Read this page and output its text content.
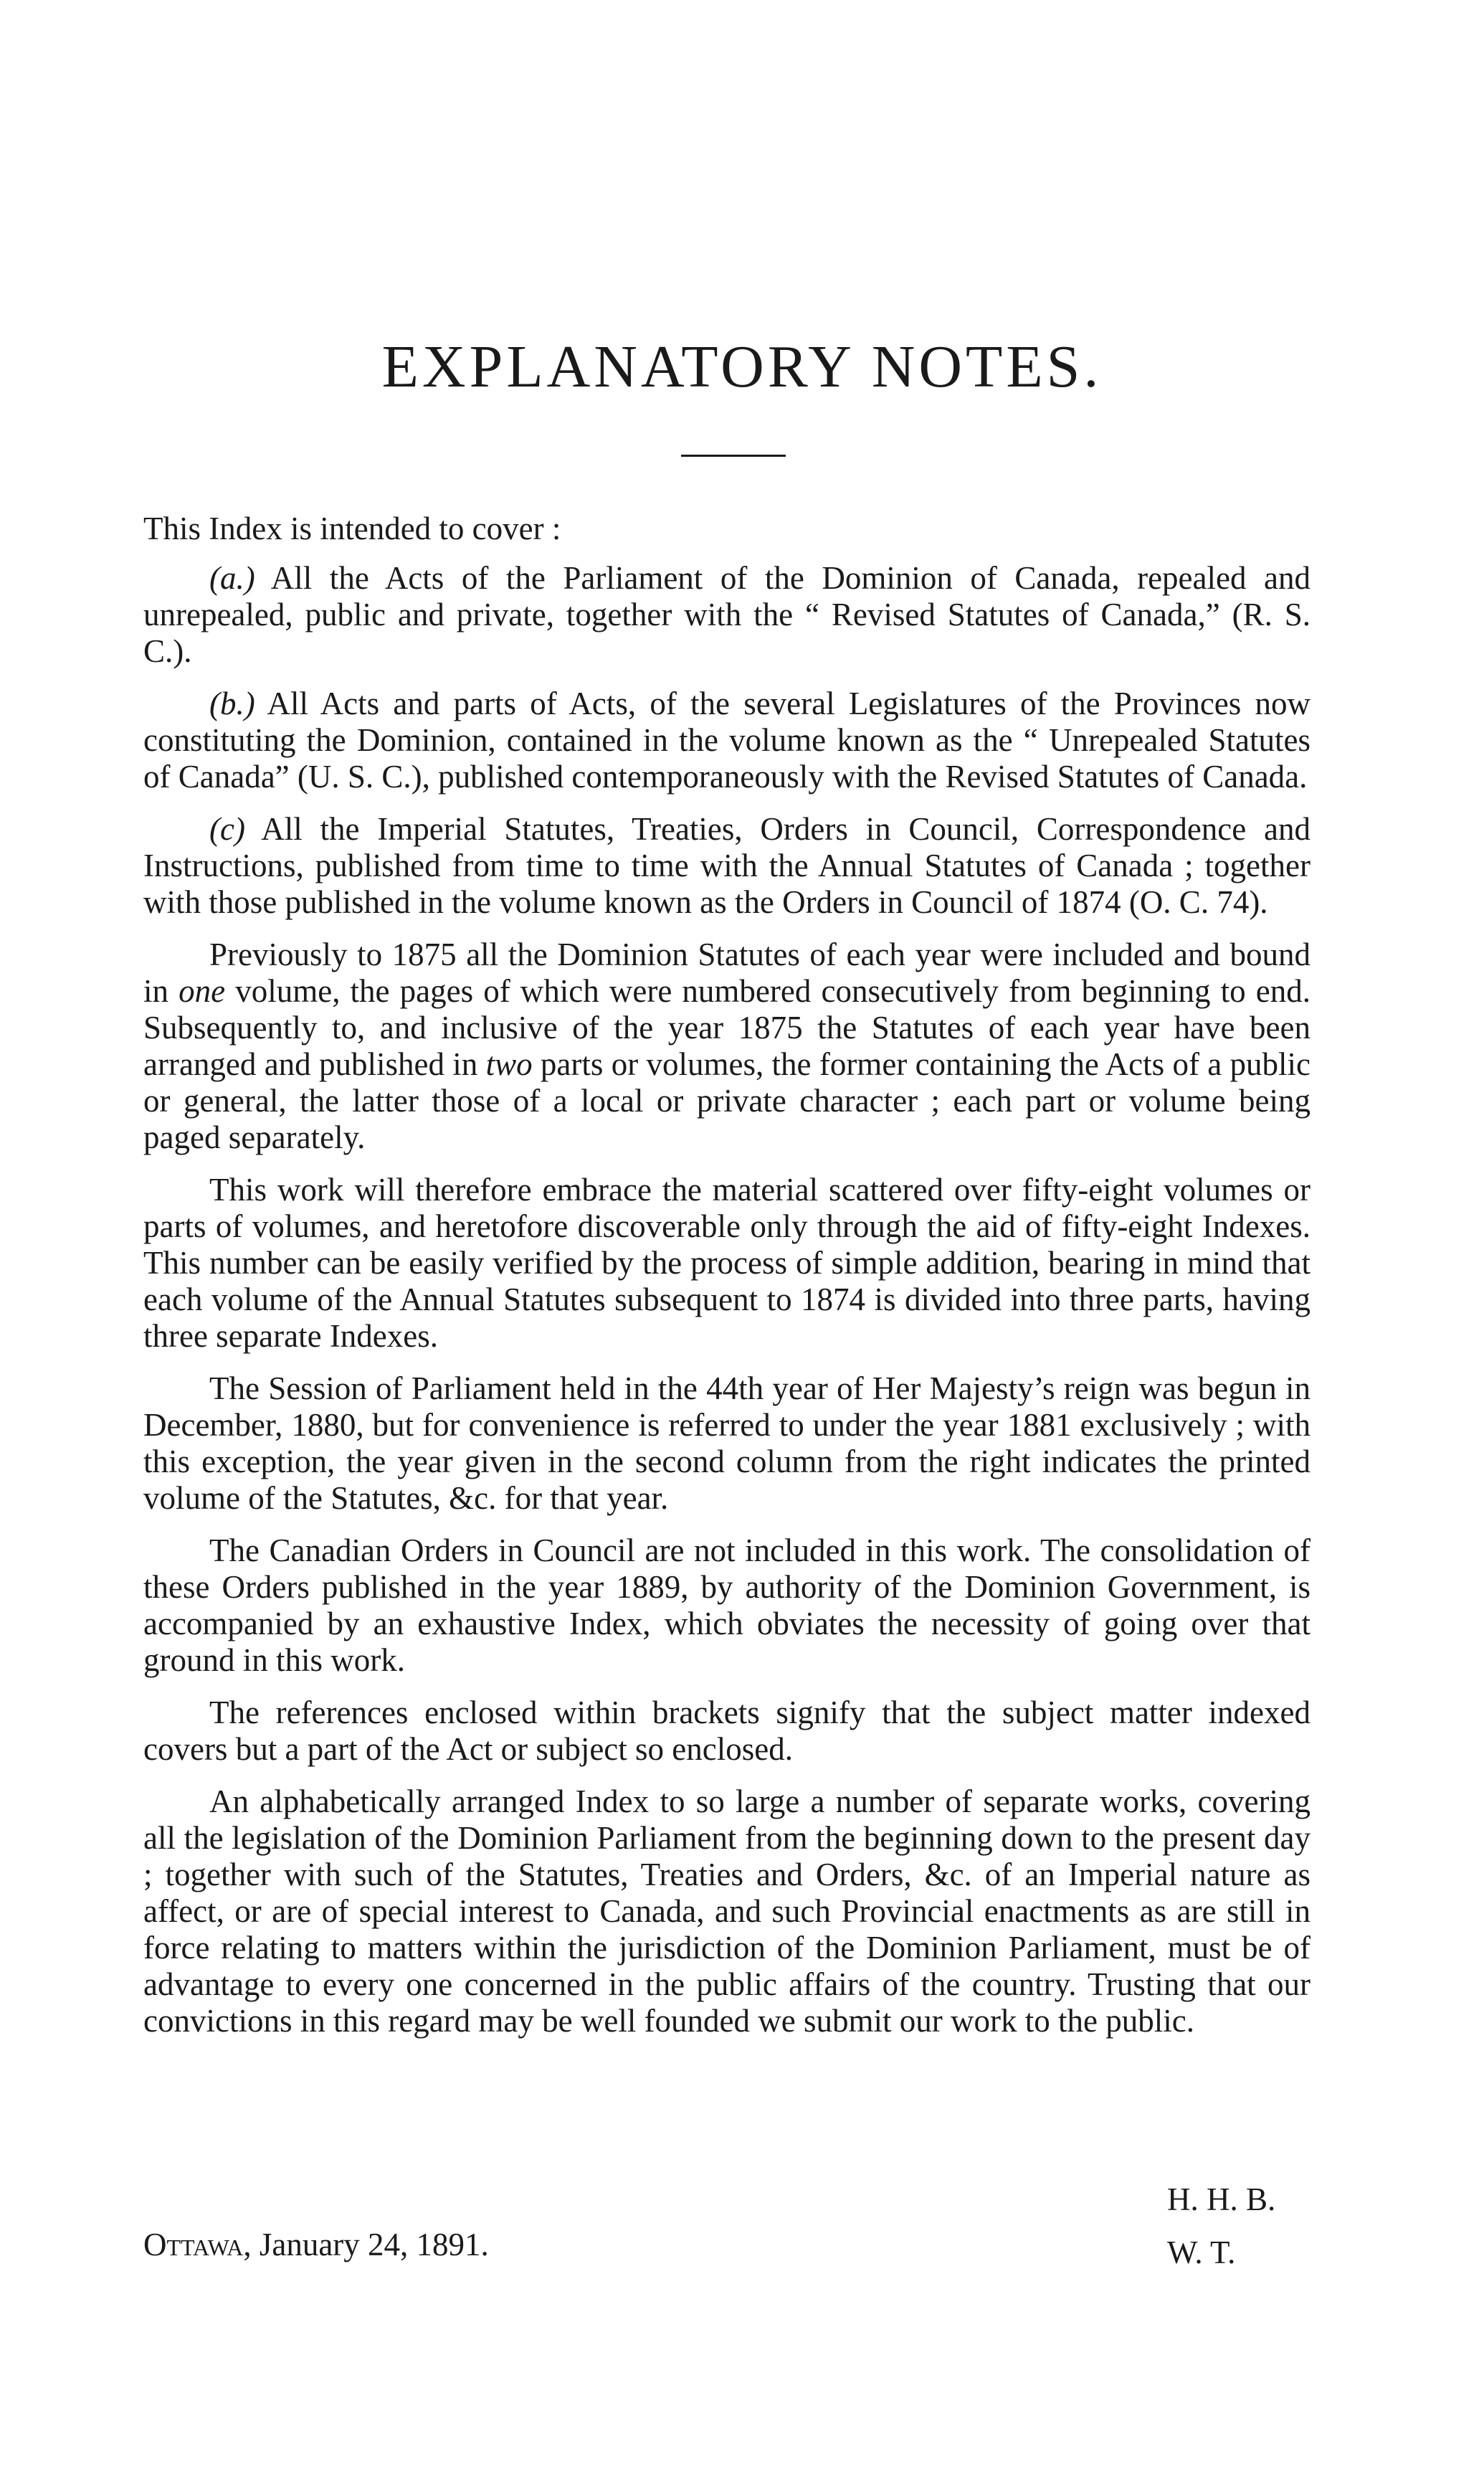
EXPLANATORY NOTES.

This Index is intended to cover :

(a.) All the Acts of the Parliament of the Dominion of Canada, repealed and unrepealed, public and private, together with the “ Revised Statutes of Canada,” (R. S. C.).

(b.) All Acts and parts of Acts, of the several Legislatures of the Provinces now constituting the Dominion, contained in the volume known as the “ Unrepealed Statutes of Canada” (U. S. C.), published contemporaneously with the Revised Statutes of Canada.

(c) All the Imperial Statutes, Treaties, Orders in Council, Correspondence and Instructions, published from time to time with the Annual Statutes of Canada ; together with those published in the volume known as the Orders in Council of 1874 (O. C. 74).

Previously to 1875 all the Dominion Statutes of each year were included and bound in one volume, the pages of which were numbered consecutively from beginning to end. Subsequently to, and inclusive of the year 1875 the Statutes of each year have been arranged and published in two parts or volumes, the former containing the Acts of a public or general, the latter those of a local or private character ; each part or volume being paged separately.

This work will therefore embrace the material scattered over fifty-eight volumes or parts of volumes, and heretofore discoverable only through the aid of fifty-eight Indexes. This number can be easily verified by the process of simple addition, bearing in mind that each volume of the Annual Statutes subsequent to 1874 is divided into three parts, having three separate Indexes.

The Session of Parliament held in the 44th year of Her Majesty’s reign was begun in December, 1880, but for convenience is referred to under the year 1881 exclusively ; with this exception, the year given in the second column from the right indicates the printed volume of the Statutes, &c. for that year.

The Canadian Orders in Council are not included in this work. The consolidation of these Orders published in the year 1889, by authority of the Dominion Government, is accompanied by an exhaustive Index, which obviates the necessity of going over that ground in this work.

The references enclosed within brackets signify that the subject matter indexed covers but a part of the Act or subject so enclosed.

An alphabetically arranged Index to so large a number of separate works, covering all the legislation of the Dominion Parliament from the beginning down to the present day ; together with such of the Statutes, Treaties and Orders, &c. of an Imperial nature as affect, or are of special interest to Canada, and such Provincial enactments as are still in force relating to matters within the jurisdiction of the Dominion Parliament, must be of advantage to every one concerned in the public affairs of the country. Trusting that our convictions in this regard may be well founded we submit our work to the public.

H. H. B.
W. T.
Ottawa, January 24, 1891.
